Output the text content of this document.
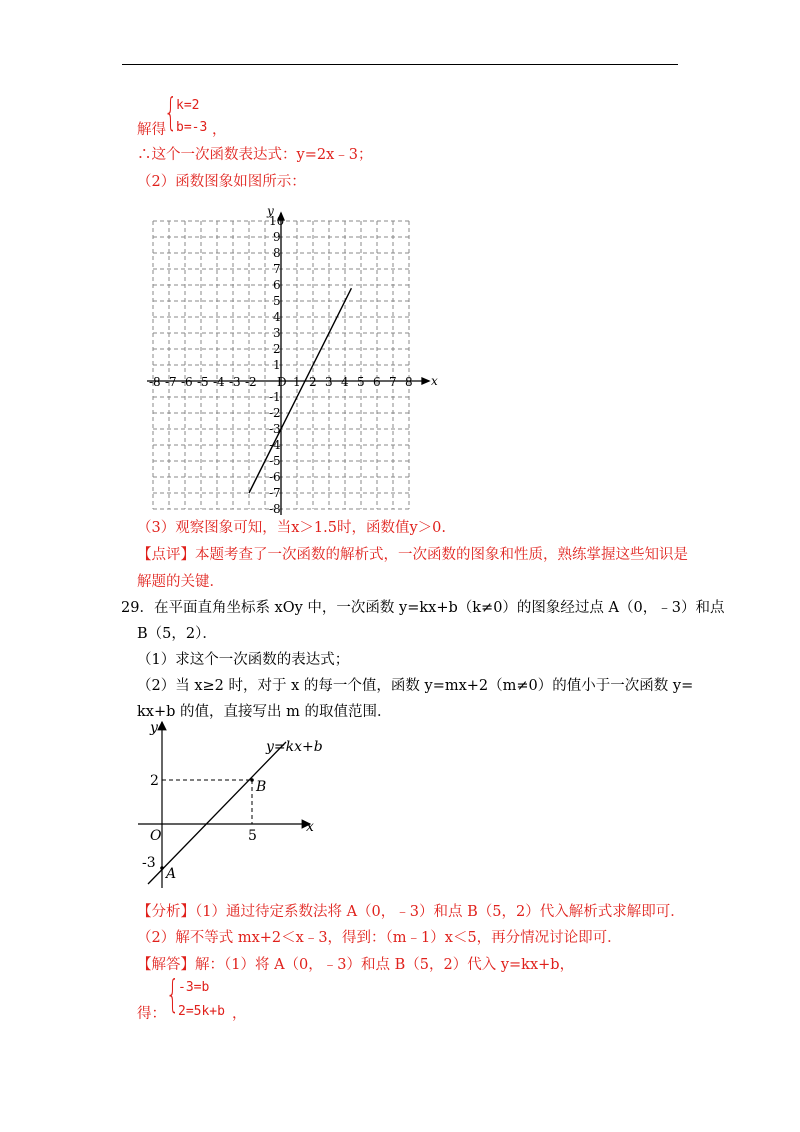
{
k=2
b=-3
解得	，
∴这个一次函数表达式：y=2x﹣3；
（2）函数图象如图所示：
-8 -7 -6 -5 -4 -3 -2 D 1 2 3 4 5 6 7 8
1
2
3
4
5
6
7
8
9
10
-1
-2
-3
-4
-5
-6
-7
-8
x
y
（3）观察图象可知，当x＞1.5时，函数值y＞0.
【点评】本题考查了一次函数的解析式，一次函数的图象和性质，熟练掌握这些知识是
解题的关键．
29．在平面直角坐标系 xOy 中，一次函数 y=kx+b（k≠0）的图象经过点 A（0，﹣3）和点
B（5，2）．
（1）求这个一次函数的表达式；
（2）当 x≥2 时，对于 x 的每一个值，函数 y=mx+2（m≠0）的值小于一次函数 y=
kx+b 的值，直接写出 m 的取值范围．
y=kx+b
y
x
O
2
5
-3
B
A
【分析】（1）通过待定系数法将 A（0，﹣3）和点 B（5，2）代入解析式求解即可．
（2）解不等式 mx+2＜x﹣3，得到：（m﹣1）x＜5，再分情况讨论即可．
【解答】解：（1）将 A（0，﹣3）和点 B（5，2）代入 y=kx+b，
{
-3=b
2=5k+b
得：	，
